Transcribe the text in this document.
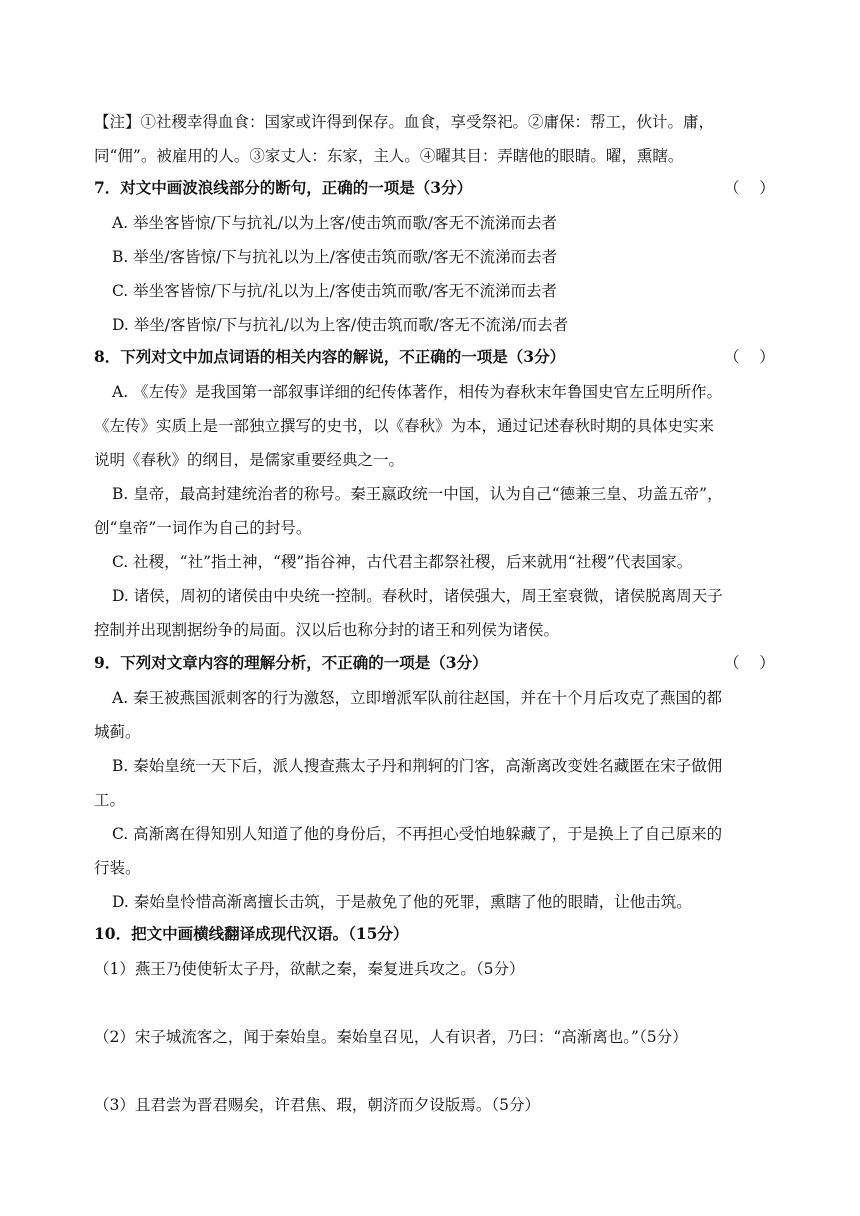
【注】①社稷幸得血食：国家或许得到保存。血食，享受祭祀。②庸保：帮工，伙计。庸，
同“佣”。被雇用的人。③家丈人：东家，主人。④曜其目：弄瞎他的眼睛。曜，熏瞎。
7．对文中画波浪线部分的断句，正确的一项是（3分）	（    ）
A. 举坐客皆惊/下与抗礼/以为上客/使击筑而歌/客无不流涕而去者
B. 举坐/客皆惊/下与抗礼以为上/客使击筑而歌/客无不流涕而去者
C. 举坐客皆惊/下与抗/礼以为上/客使击筑而歌/客无不流涕而去者
D. 举坐/客皆惊/下与抗礼/以为上客/使击筑而歌/客无不流涕/而去者
8．下列对文中加点词语的相关内容的解说，不正确的一项是（3分）	（    ）
A. 《左传》是我国第一部叙事详细的纪传体著作，相传为春秋末年鲁国史官左丘明所作。
《左传》实质上是一部独立撰写的史书，以《春秋》为本，通过记述春秋时期的具体史实来
说明《春秋》的纲目，是儒家重要经典之一。
B. 皇帝，最高封建统治者的称号。秦王嬴政统一中国，认为自己“德兼三皇、功盖五帝”，
创“皇帝”一词作为自己的封号。
C. 社稷，“社”指土神，“稷”指谷神，古代君主都祭社稷，后来就用“社稷”代表国家。
D. 诸侯，周初的诸侯由中央统一控制。春秋时，诸侯强大，周王室衰微，诸侯脱离周天子
控制并出现割据纷争的局面。汉以后也称分封的诸王和列侯为诸侯。
9．下列对文章内容的理解分析，不正确的一项是（3分）	（    ）
A. 秦王被燕国派刺客的行为激怒，立即增派军队前往赵国，并在十个月后攻克了燕国的都
城蓟。
B. 秦始皇统一天下后，派人搜查燕太子丹和荆轲的门客，高渐离改变姓名藏匿在宋子做佣
工。
C. 高渐离在得知别人知道了他的身份后，不再担心受怕地躲藏了，于是换上了自己原来的
行装。
D. 秦始皇怜惜高渐离擅长击筑，于是赦免了他的死罪，熏瞎了他的眼睛，让他击筑。
10．把文中画横线翻译成现代汉语。（15分）
（1）燕王乃使使斩太子丹，欲献之秦，秦复进兵攻之。（5分）
（2）宋子城流客之，闻于秦始皇。秦始皇召见，人有识者，乃曰：“高渐离也。”（5分）
（3）且君尝为晋君赐矣，许君焦、瑕，朝济而夕设版焉。（5分）
